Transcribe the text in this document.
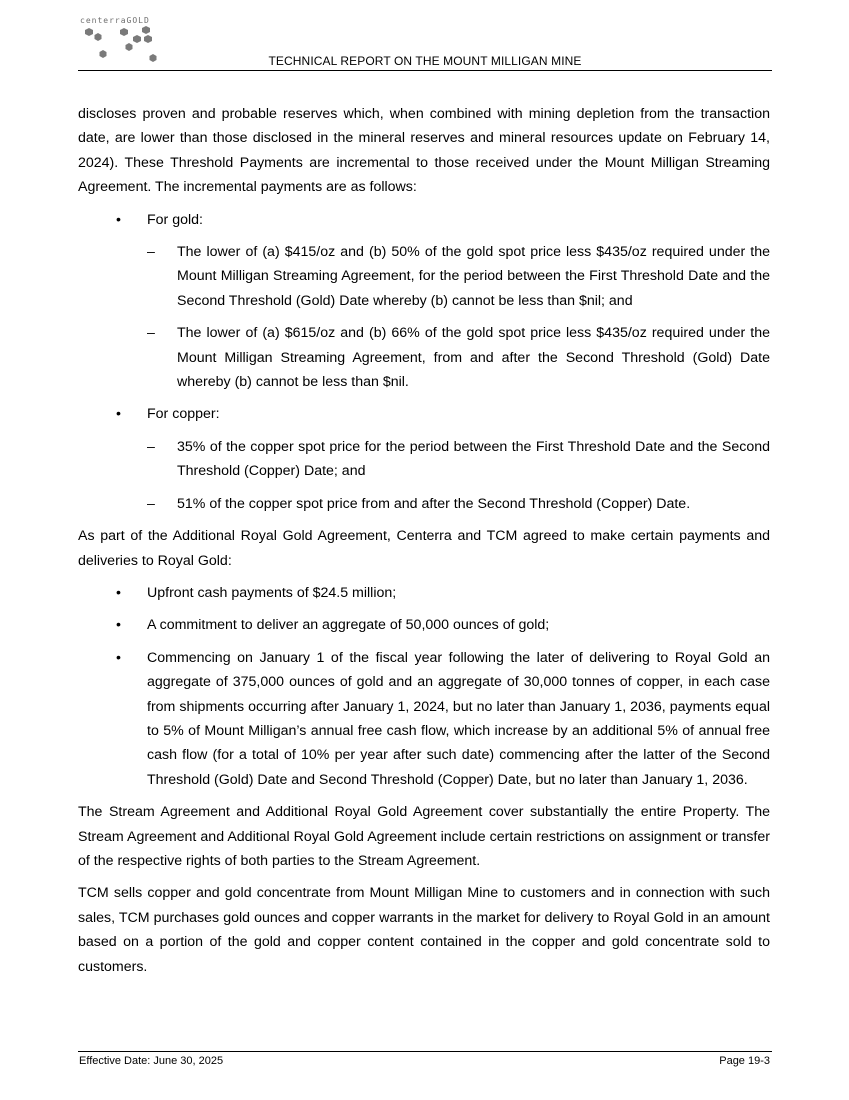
centerraGOLD
TECHNICAL REPORT ON THE MOUNT MILLIGAN MINE

discloses proven and probable reserves which, when combined with mining depletion from the transaction date, are lower than those disclosed in the mineral reserves and mineral resources update on February 14, 2024). These Threshold Payments are incremental to those received under the Mount Milligan Streaming Agreement. The incremental payments are as follows:

• For gold:
– The lower of (a) $415/oz and (b) 50% of the gold spot price less $435/oz required under the Mount Milligan Streaming Agreement, for the period between the First Threshold Date and the Second Threshold (Gold) Date whereby (b) cannot be less than $nil; and
– The lower of (a) $615/oz and (b) 66% of the gold spot price less $435/oz required under the Mount Milligan Streaming Agreement, from and after the Second Threshold (Gold) Date whereby (b) cannot be less than $nil.
• For copper:
– 35% of the copper spot price for the period between the First Threshold Date and the Second Threshold (Copper) Date; and
– 51% of the copper spot price from and after the Second Threshold (Copper) Date.

As part of the Additional Royal Gold Agreement, Centerra and TCM agreed to make certain payments and deliveries to Royal Gold:

• Upfront cash payments of $24.5 million;
• A commitment to deliver an aggregate of 50,000 ounces of gold;
• Commencing on January 1 of the fiscal year following the later of delivering to Royal Gold an aggregate of 375,000 ounces of gold and an aggregate of 30,000 tonnes of copper, in each case from shipments occurring after January 1, 2024, but no later than January 1, 2036, payments equal to 5% of Mount Milligan’s annual free cash flow, which increase by an additional 5% of annual free cash flow (for a total of 10% per year after such date) commencing after the latter of the Second Threshold (Gold) Date and Second Threshold (Copper) Date, but no later than January 1, 2036.

The Stream Agreement and Additional Royal Gold Agreement cover substantially the entire Property. The Stream Agreement and Additional Royal Gold Agreement include certain restrictions on assignment or transfer of the respective rights of both parties to the Stream Agreement.

TCM sells copper and gold concentrate from Mount Milligan Mine to customers and in connection with such sales, TCM purchases gold ounces and copper warrants in the market for delivery to Royal Gold in an amount based on a portion of the gold and copper content contained in the copper and gold concentrate sold to customers.

Effective Date: June 30, 2025	Page 19-3
